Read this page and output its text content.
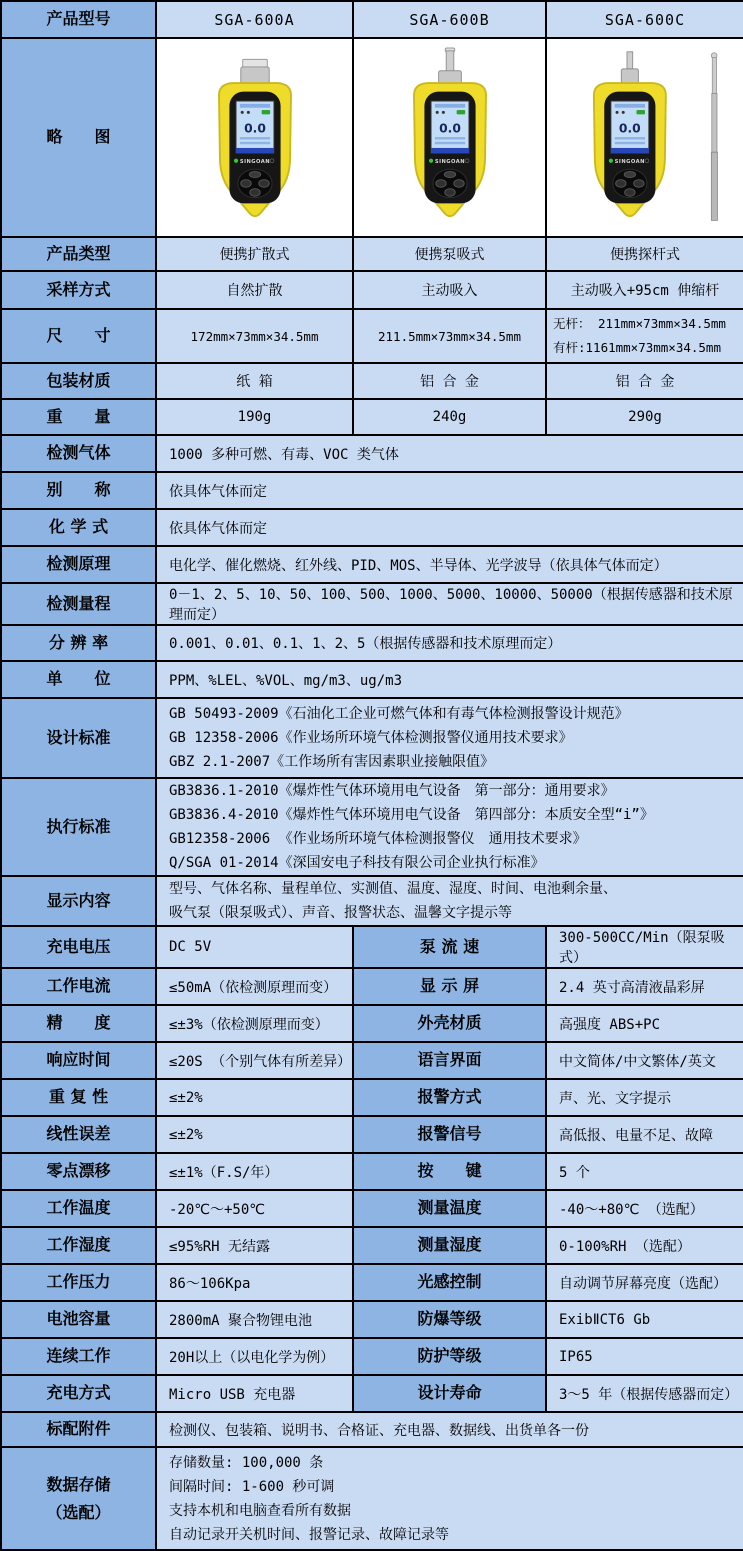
产品型号	SGA-600A	SGA-600B	SGA-600C
略　　图	0.0
SINGOAN	0.0
SINGOAN	0.0
SINGOAN

产品类型	便携扩散式	便携泵吸式	便携探杆式
采样方式	自然扩散	主动吸入	主动吸入+95cm 伸缩杆
尺　　寸	172mm×73mm×34.5mm	211.5mm×73mm×34.5mm	无杆： 211mm×73mm×34.5mm
有杆:1161mm×73mm×34.5mm

包装材质	纸 箱	铝 合 金	铝 合 金
重　　量	190g	240g	290g
检测气体	1000 多种可燃、有毒、VOC 类气体		
别　　称	依具体气体而定		
化 学 式	依具体气体而定		
检测原理	电化学、催化燃烧、红外线、PID、MOS、半导体、光学波导（依具体气体而定）		
检测量程	0－1、2、5、10、50、100、500、1000、5000、10000、50000（根据传感器和技术原理而定）		
分 辨 率	0.001、0.01、0.1、1、2、5（根据传感器和技术原理而定）		
单　　位	PPM、%LEL、%VOL、mg/m3、ug/m3		
设计标准	GB 50493-2009《石油化工企业可燃气体和有毒气体检测报警设计规范》
GB 12358-2006《作业场所环境气体检测报警仪通用技术要求》
GBZ 2.1-2007《工作场所有害因素职业接触限值》		

执行标准	GB3836.1-2010《爆炸性气体环境用电气设备　第一部分：通用要求》
GB3836.4-2010《爆炸性气体环境用电气设备　第四部分：本质安全型“i”》
GB12358-2006 《作业场所环境气体检测报警仪　通用技术要求》
Q/SGA 01-2014《深国安电子科技有限公司企业执行标准》		

显示内容	型号、气体名称、量程单位、实测值、温度、湿度、时间、电池剩余量、
吸气泵（限泵吸式）、声音、报警状态、温馨文字提示等		

充电电压	DC 5V	泵 流 速	300-500CC/Min（限泵吸式）
工作电流	≤50mA（依检测原理而变）	显 示 屏	2.4 英寸高清液晶彩屏
精　　度	≤±3%（依检测原理而变）	外壳材质	高强度 ABS+PC
响应时间	≤20S （个别气体有所差异）	语言界面	中文简体/中文繁体/英文
重 复 性	≤±2%	报警方式	声、光、文字提示
线性误差	≤±2%	报警信号	高低报、电量不足、故障
零点漂移	≤±1%（F.S/年）	按　　键	5 个
工作温度	-20℃～+50℃	测量温度	-40～+80℃ （选配）
工作湿度	≤95%RH 无结露	测量湿度	0-100%RH （选配）
工作压力	86～106Kpa	光感控制	自动调节屏幕亮度（选配）
电池容量	2800mA 聚合物锂电池	防爆等级	ExibⅡCT6 Gb
连续工作	20H以上（以电化学为例）	防护等级	IP65
充电方式	Micro USB 充电器	设计寿命	3～5 年（根据传感器而定）
标配附件	检测仪、包装箱、说明书、合格证、充电器、数据线、出货单各一份		

数据存储
（选配）

存储数量: 100,000 条
间隔时间: 1-600 秒可调
支持本机和电脑查看所有数据
自动记录开关机时间、报警记录、故障记录等
